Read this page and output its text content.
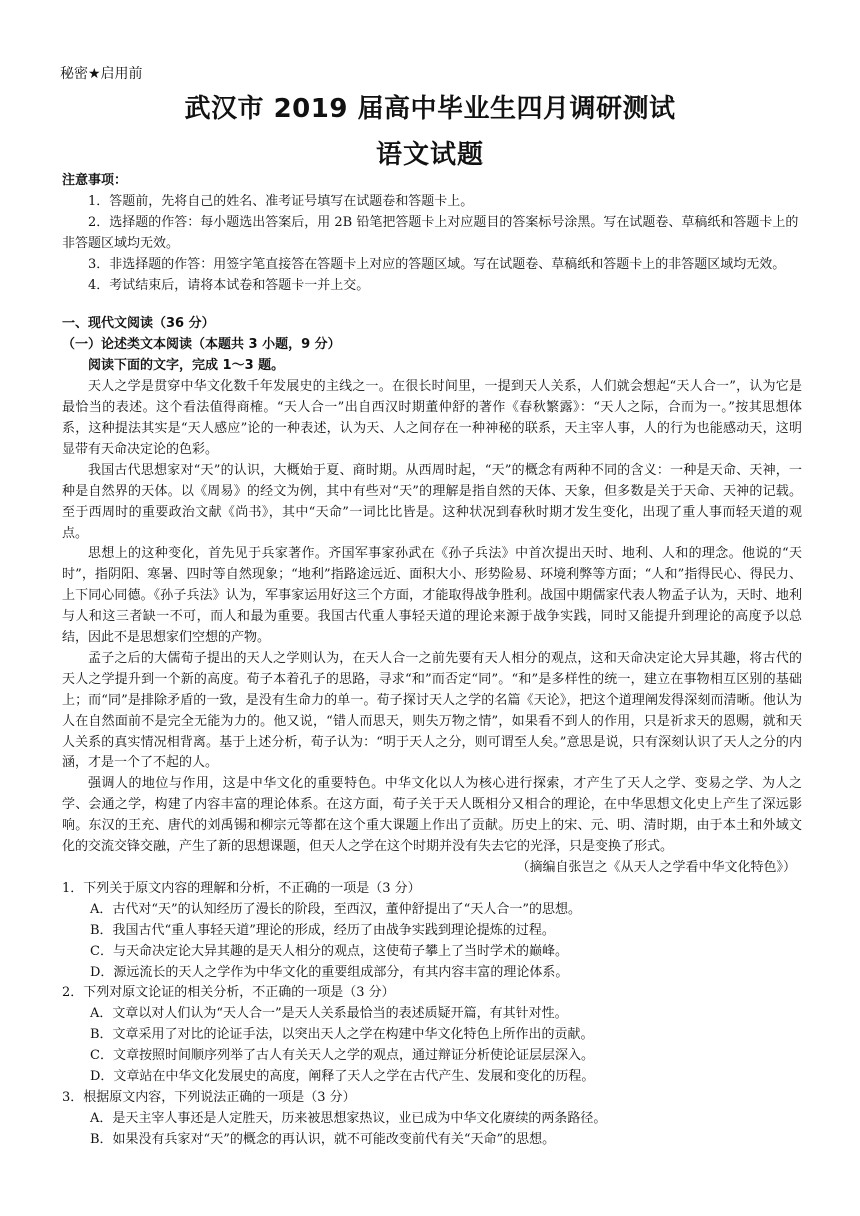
秘密★启用前
武汉市 2019 届高中毕业生四月调研测试
语文试题

注意事项：

1．答题前，先将自己的姓名、准考证号填写在试题卷和答题卡上。

2．选择题的作答：每小题选出答案后，用 2B 铅笔把答题卡上对应题目的答案标号涂黑。写在试题卷、草稿纸和答题卡上的非答题区域均无效。

3．非选择题的作答：用签字笔直接答在答题卡上对应的答题区域。写在试题卷、草稿纸和答题卡上的非答题区域均无效。

4．考试结束后，请将本试卷和答题卡一并上交。

一、现代文阅读（36 分）

（一）论述类文本阅读（本题共 3 小题，9 分）

阅读下面的文字，完成 1～3 题。

天人之学是贯穿中华文化数千年发展史的主线之一。在很长时间里，一提到天人关系，人们就会想起“天人合一”，认为它是最恰当的表述。这个看法值得商榷。“天人合一”出自西汉时期董仲舒的著作《春秋繁露》：“天人之际，合而为一。”按其思想体系，这种提法其实是“天人感应”论的一种表述，认为天、人之间存在一种神秘的联系，天主宰人事，人的行为也能感动天，这明显带有天命决定论的色彩。

我国古代思想家对“天”的认识，大概始于夏、商时期。从西周时起，“天”的概念有两种不同的含义：一种是天命、天神，一种是自然界的天体。以《周易》的经文为例，其中有些对“天”的理解是指自然的天体、天象，但多数是关于天命、天神的记载。至于西周时的重要政治文献《尚书》，其中“天命”一词比比皆是。这种状况到春秋时期才发生变化，出现了重人事而轻天道的观点。

思想上的这种变化，首先见于兵家著作。齐国军事家孙武在《孙子兵法》中首次提出天时、地利、人和的理念。他说的“天时”，指阴阳、寒暑、四时等自然现象；“地利”指路途远近、面积大小、形势险易、环境利弊等方面；“人和”指得民心、得民力、上下同心同德。《孙子兵法》认为，军事家运用好这三个方面，才能取得战争胜利。战国中期儒家代表人物孟子认为，天时、地利与人和这三者缺一不可，而人和最为重要。我国古代重人事轻天道的理论来源于战争实践，同时又能提升到理论的高度予以总结，因此不是思想家们空想的产物。

孟子之后的大儒荀子提出的天人之学则认为，在天人合一之前先要有天人相分的观点，这和天命决定论大异其趣，将古代的天人之学提升到一个新的高度。荀子本着孔子的思路，寻求“和”而否定“同”。“和”是多样性的统一，建立在事物相互区别的基础上；而“同”是排除矛盾的一致，是没有生命力的单一。荀子探讨天人之学的名篇《天论》，把这个道理阐发得深刻而清晰。他认为人在自然面前不是完全无能为力的。他又说，“错人而思天，则失万物之情”，如果看不到人的作用，只是祈求天的恩赐，就和天人关系的真实情况相背离。基于上述分析，荀子认为：“明于天人之分，则可谓至人矣。”意思是说，只有深刻认识了天人之分的内涵，才是一个了不起的人。

强调人的地位与作用，这是中华文化的重要特色。中华文化以人为核心进行探索，才产生了天人之学、变易之学、为人之学、会通之学，构建了内容丰富的理论体系。在这方面，荀子关于天人既相分又相合的理论，在中华思想文化史上产生了深远影响。东汉的王充、唐代的刘禹锡和柳宗元等都在这个重大课题上作出了贡献。历史上的宋、元、明、清时期，由于本土和外域文化的交流交锋交融，产生了新的思想课题，但天人之学在这个时期并没有失去它的光泽，只是变换了形式。

（摘编自张岂之《从天人之学看中华文化特色》）

1．下列关于原文内容的理解和分析，不正确的一项是（3 分）

A．古代对“天”的认知经历了漫长的阶段，至西汉，董仲舒提出了“天人合一”的思想。

B．我国古代“重人事轻天道”理论的形成，经历了由战争实践到理论提炼的过程。

C．与天命决定论大异其趣的是天人相分的观点，这使荀子攀上了当时学术的巅峰。

D．源远流长的天人之学作为中华文化的重要组成部分，有其内容丰富的理论体系。

2．下列对原文论证的相关分析，不正确的一项是（3 分）

A．文章以对人们认为“天人合一”是天人关系最恰当的表述质疑开篇，有其针对性。

B．文章采用了对比的论证手法，以突出天人之学在构建中华文化特色上所作出的贡献。

C．文章按照时间顺序列举了古人有关天人之学的观点，通过辩证分析使论证层层深入。

D．文章站在中华文化发展史的高度，阐释了天人之学在古代产生、发展和变化的历程。

3．根据原文内容，下列说法正确的一项是（3 分）

A．是天主宰人事还是人定胜天，历来被思想家热议，业已成为中华文化赓续的两条路径。

B．如果没有兵家对“天”的概念的再认识，就不可能改变前代有关“天命”的思想。
